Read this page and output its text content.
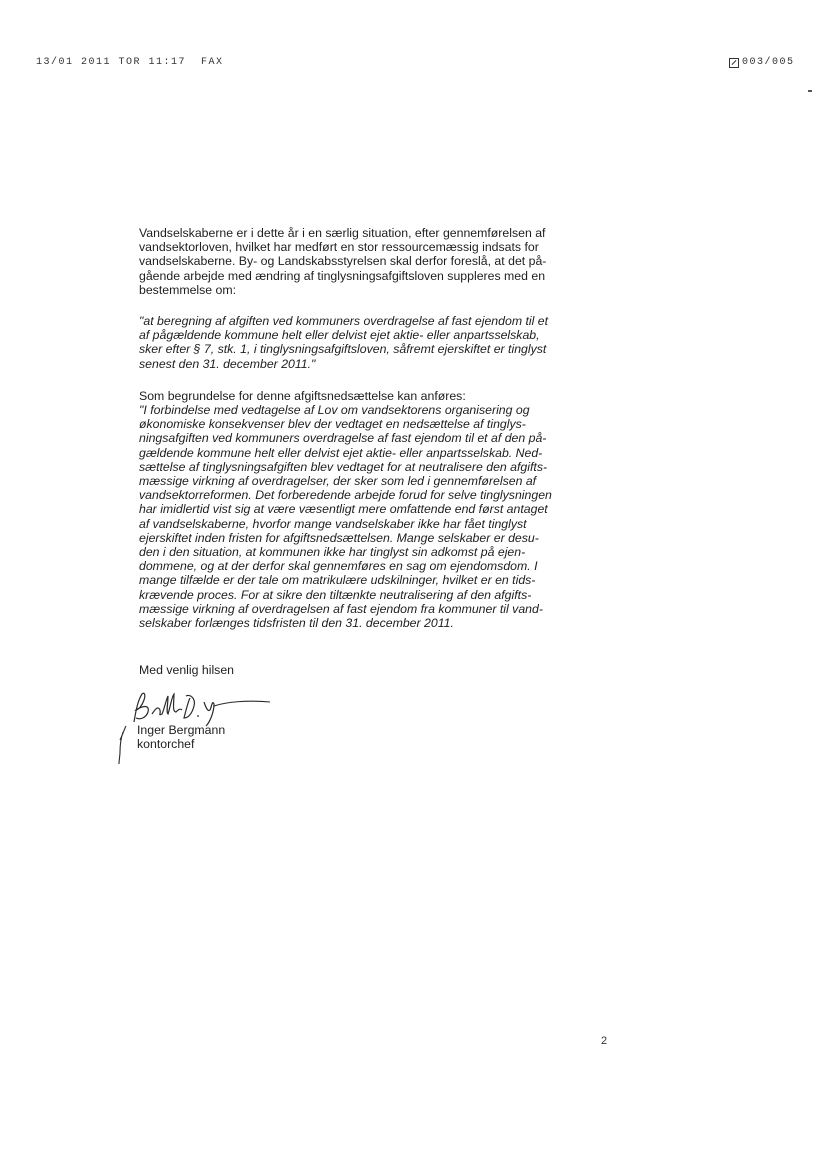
13/01 2011 TOR 11:17  FAX	003/005
Vandselskaberne er i dette år i en særlig situation, efter gennemførelsen af
vandsektorloven, hvilket har medført en stor ressourcemæssig indsats for
vandselskaberne. By- og Landskabsstyrelsen skal derfor foreslå, at det på-
gående arbejde med ændring af tinglysningsafgiftsloven suppleres med en
bestemmelse om:
"at beregning af afgiften ved kommuners overdragelse af fast ejendom til et
af pågældende kommune helt eller delvist ejet aktie- eller anpartsselskab,
sker efter § 7, stk. 1, i tinglysningsafgiftsloven, såfremt ejerskiftet er tinglyst
senest den 31. december 2011."
Som begrundelse for denne afgiftsnedsættelse kan anføres:
"I forbindelse med vedtagelse af Lov om vandsektorens organisering og
økonomiske konsekvenser blev der vedtaget en nedsættelse af tinglys-
ningsafgiften ved kommuners overdragelse af fast ejendom til et af den på-
gældende kommune helt eller delvist ejet aktie- eller anpartsselskab. Ned-
sættelse af tinglysningsafgiften blev vedtaget for at neutralisere den afgifts-
mæssige virkning af overdragelser, der sker som led i gennemførelsen af
vandsektorreformen. Det forberedende arbejde forud for selve tinglysningen
har imidlertid vist sig at være væsentligt mere omfattende end først antaget
af vandselskaberne, hvorfor mange vandselskaber ikke har fået tinglyst
ejerskiftet inden fristen for afgiftsnedsættelsen. Mange selskaber er desu-
den i den situation, at kommunen ikke har tinglyst sin adkomst på ejen-
dommene, og at der derfor skal gennemføres en sag om ejendomsdom. I
mange tilfælde er der tale om matrikulære udskilninger, hvilket er en tids-
krævende proces. For at sikre den tiltænkte neutralisering af den afgifts-
mæssige virkning af overdragelsen af fast ejendom fra kommuner til vand-
selskaber forlænges tidsfristen til den 31. december 2011.
Med venlig hilsen
Inger Bergmann
kontorchef
2
